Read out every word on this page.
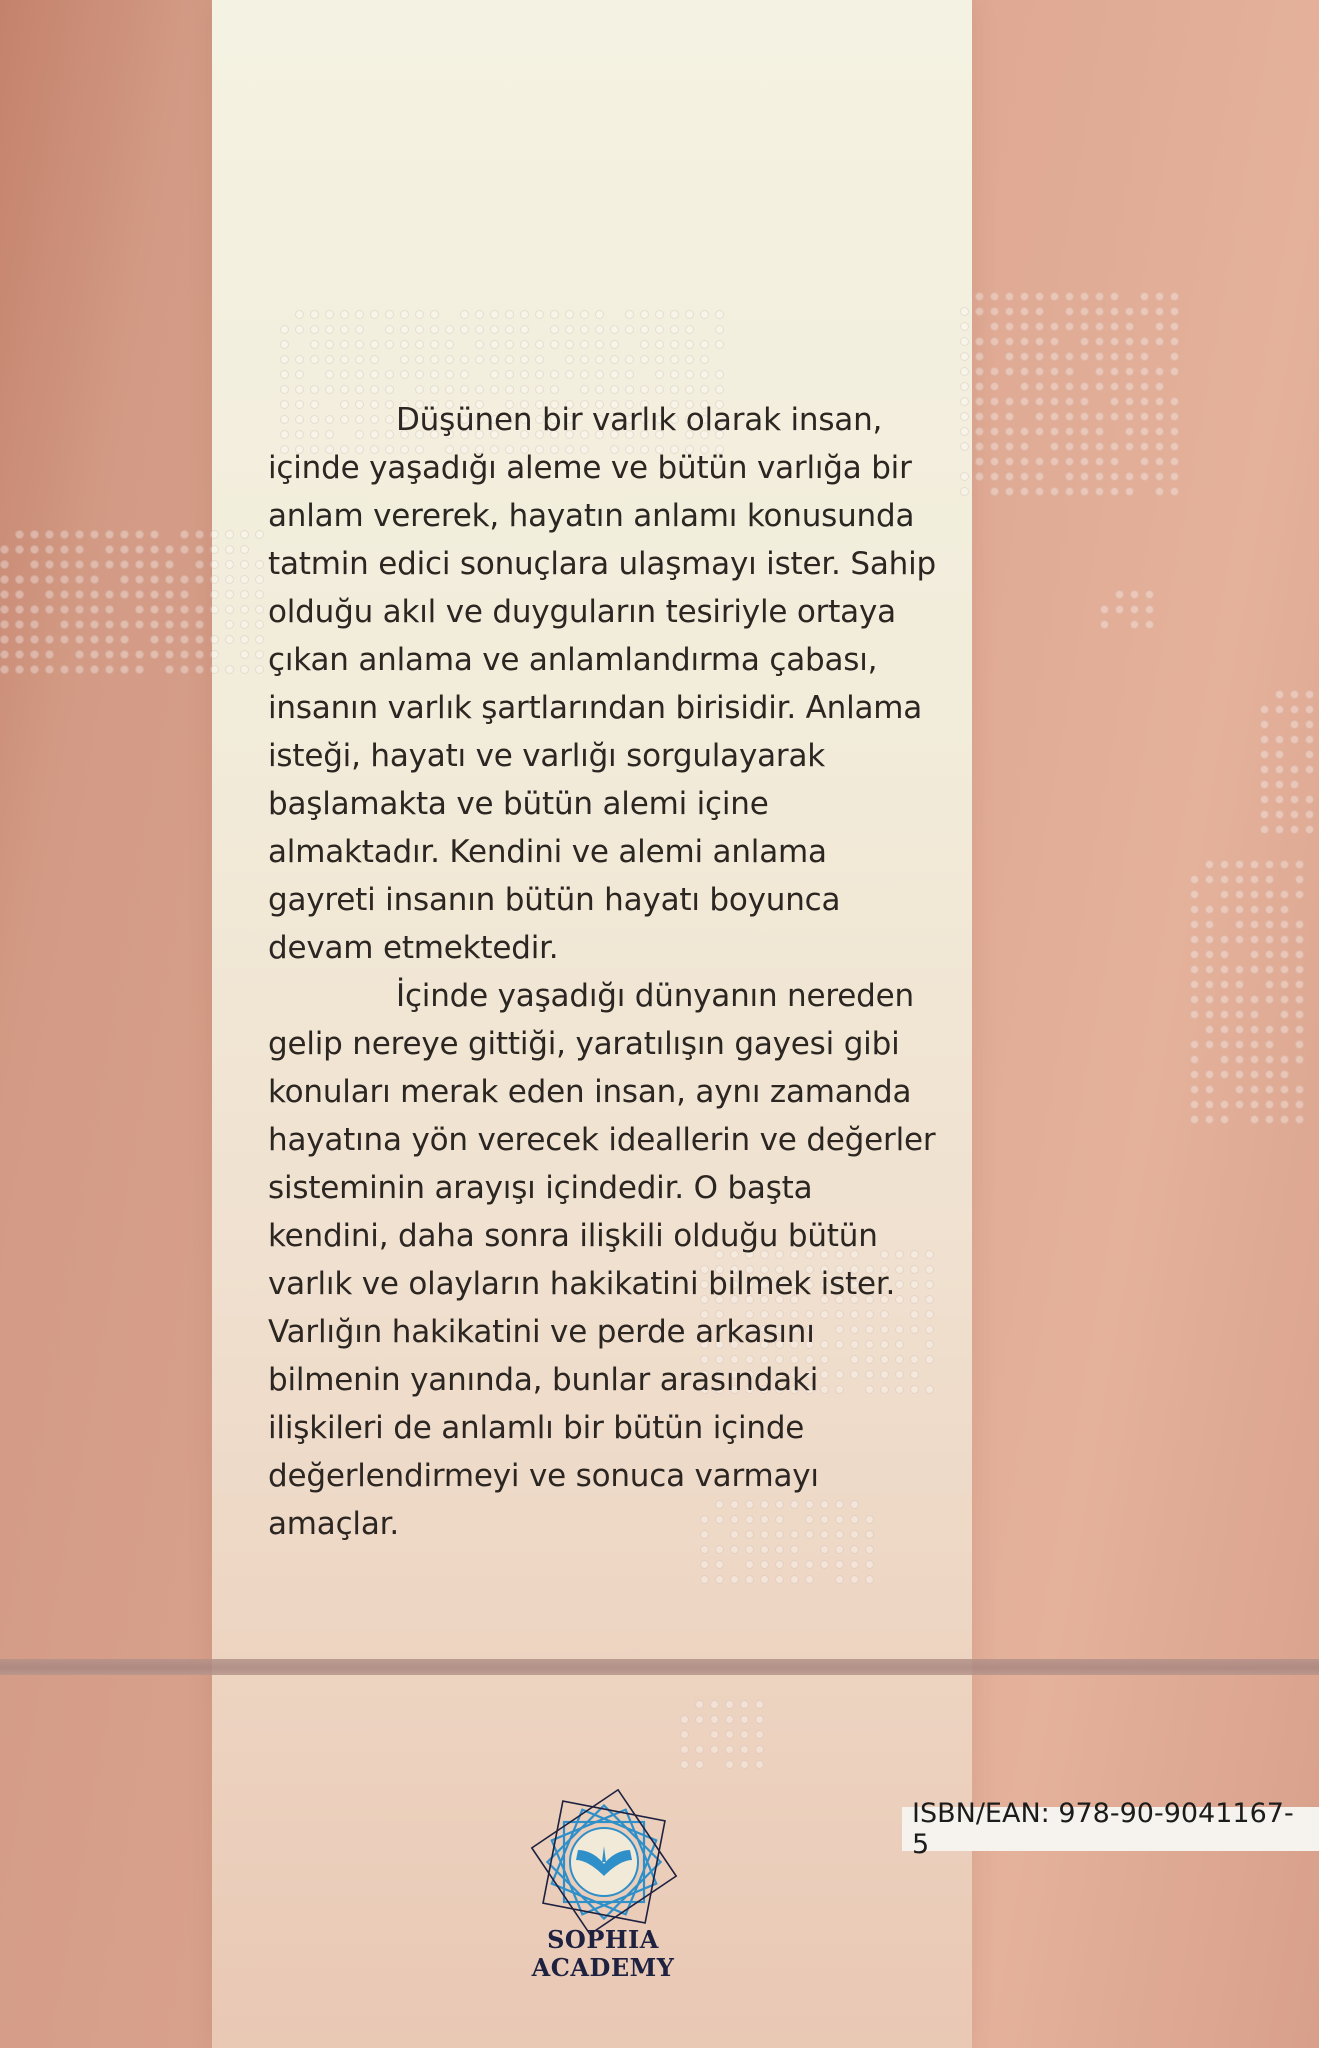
Düşünen bir varlık olarak insan, içinde yaşadığı aleme ve bütün varlığa bir anlam vererek, hayatın anlamı konusunda tatmin edici sonuçlara ulaşmayı ister. Sahip olduğu akıl ve duyguların tesiriyle ortaya çıkan anlama ve anlamlandırma çabası, insanın varlık şartlarından birisidir. Anlama isteği, hayatı ve varlığı sorgulayarak başlamakta ve bütün alemi içine almaktadır. Kendini ve alemi anlama gayreti insanın bütün hayatı boyunca devam etmektedir.

İçinde yaşadığı dünyanın nereden gelip nereye gittiği, yaratılışın gayesi gibi konuları merak eden insan, aynı zamanda hayatına yön verecek ideallerin ve değerler sisteminin arayışı içindedir. O başta kendini, daha sonra ilişkili olduğu bütün varlık ve olayların hakikatini bilmek ister. Varlığın hakikatini ve perde arkasını bilmenin yanında, bunlar arasındaki ilişkileri de anlamlı bir bütün içinde değerlendirmeyi ve sonuca varmayı amaçlar.

SOPHIA
ACADEMY
ISBN/EAN: 978-90-9041167-5
